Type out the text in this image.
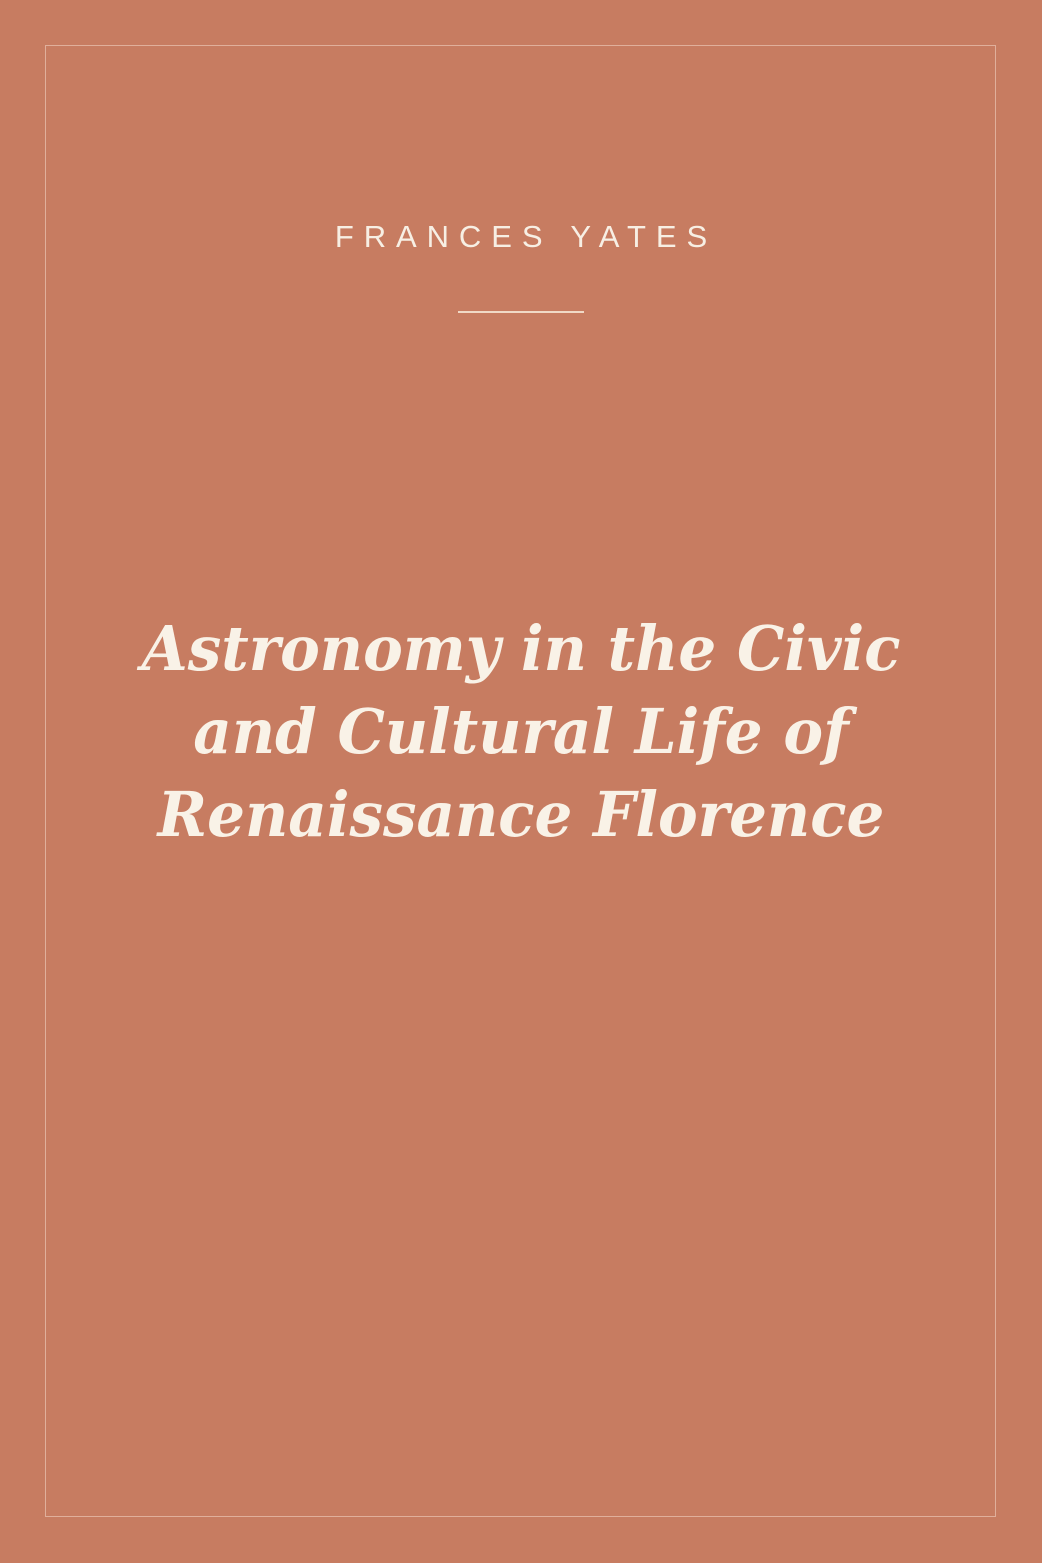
FRANCES YATES
Astronomy in the Civic
and Cultural Life of
Renaissance Florence
